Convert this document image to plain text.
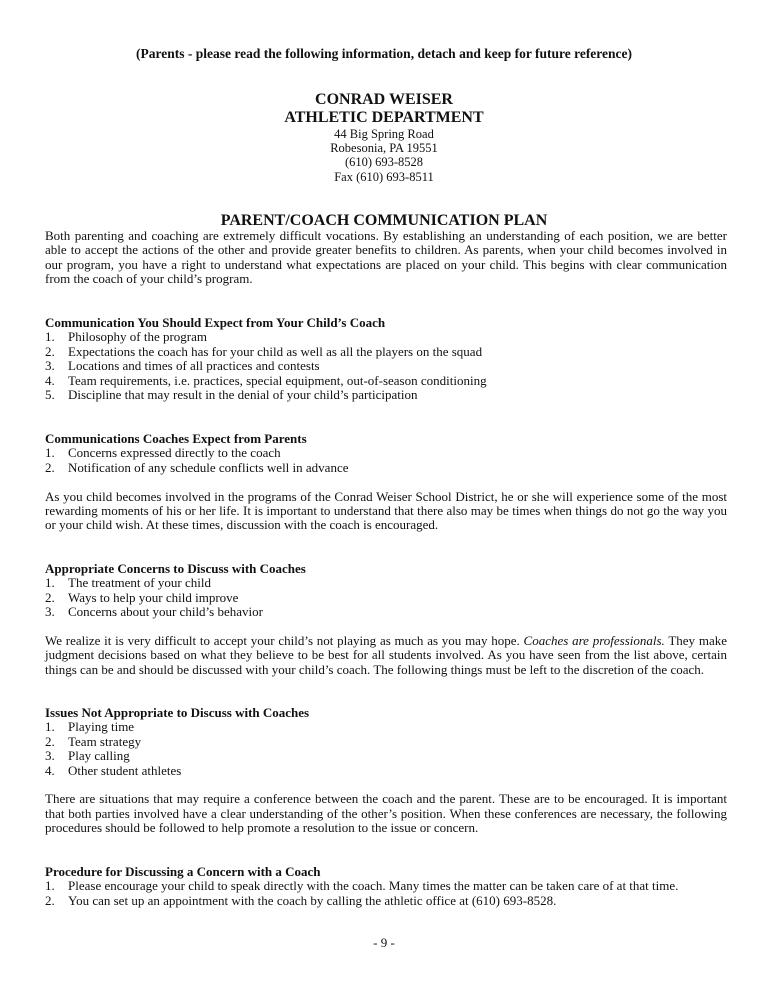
(Parents - please read the following information, detach and keep for future reference)
CONRAD WEISER
ATHLETIC DEPARTMENT
44 Big Spring Road
Robesonia, PA 19551
(610) 693-8528
Fax (610) 693-8511
PARENT/COACH COMMUNICATION PLAN

Both parenting and coaching are extremely difficult vocations. By establishing an understanding of each position, we are better able to accept the actions of the other and provide greater benefits to children. As parents, when your child becomes involved in our program, you have a right to understand what expectations are placed on your child. This begins with clear communication from the coach of your child’s program.

Communication You Should Expect from Your Child’s Coach
1. Philosophy of the program
2. Expectations the coach has for your child as well as all the players on the squad
3. Locations and times of all practices and contests
4. Team requirements, i.e. practices, special equipment, out-of-season conditioning
5. Discipline that may result in the denial of your child’s participation
Communications Coaches Expect from Parents
1. Concerns expressed directly to the coach
2. Notification of any schedule conflicts well in advance

As you child becomes involved in the programs of the Conrad Weiser School District, he or she will experience some of the most rewarding moments of his or her life. It is important to understand that there also may be times when things do not go the way you or your child wish. At these times, discussion with the coach is encouraged.

Appropriate Concerns to Discuss with Coaches
1. The treatment of your child
2. Ways to help your child improve
3. Concerns about your child’s behavior

We realize it is very difficult to accept your child’s not playing as much as you may hope. Coaches are professionals. They make judgment decisions based on what they believe to be best for all students involved. As you have seen from the list above, certain things can be and should be discussed with your child’s coach. The following things must be left to the discretion of the coach.

Issues Not Appropriate to Discuss with Coaches
1. Playing time
2. Team strategy
3. Play calling
4. Other student athletes

There are situations that may require a conference between the coach and the parent. These are to be encouraged. It is important that both parties involved have a clear understanding of the other’s position. When these conferences are necessary, the following procedures should be followed to help promote a resolution to the issue or concern.

Procedure for Discussing a Concern with a Coach
1. Please encourage your child to speak directly with the coach. Many times the matter can be taken care of at that time.
2. You can set up an appointment with the coach by calling the athletic office at (610) 693-8528.
- 9 -
